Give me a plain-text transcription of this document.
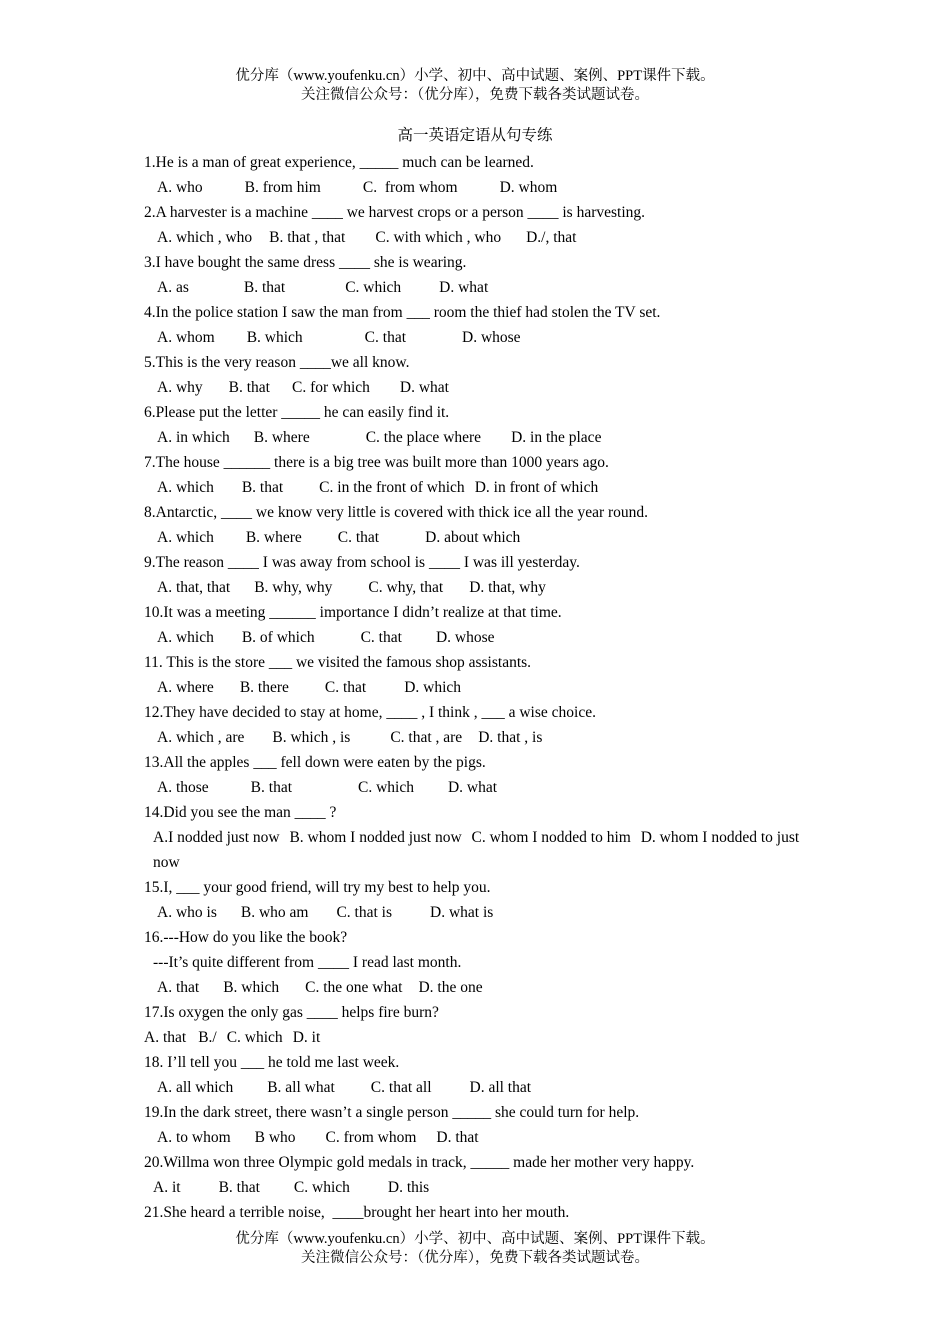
优分库（www.youfenku.cn）小学、初中、高中试题、案例、PPT课件下载。
关注微信公众号：（优分库），免费下载各类试题试卷。
高一英语定语从句专练
1.He is a man of great experience, _____ much can be learned.
A. who	B. from him	C.  from whom	D. whom
2.A harvester is a machine ____ we harvest crops or a person ____ is harvesting.
A. which , who B. that , that C. with which , who D./, that
3.I have bought the same dress ____ she is wearing.
A. as	B. that	C. which D. what
4.In the police station I saw the man from ___ room the thief had stolen the TV set.
A. whom B. which	C. that	D. whose
5.This is the very reason ____we all know.
A. why B. that C. for which D. what
6.Please put the letter _____ he can easily find it.
A. in which B. where	C. the place where D. in the place
7.The house ______ there is a big tree was built more than 1000 years ago.
A. which B. that C. in the front of which D. in front of which
8.Antarctic, ____ we know very little is covered with thick ice all the year round.
A. which B. where C. that	D. about which
9.The reason ____ I was away from school is ____ I was ill yesterday.
A. that, that B. why, why C. why, that D. that, why
10.It was a meeting ______ importance I didn’t realize at that time.
A. which B. of which	C. that D. whose
11. This is the store ___ we visited the famous shop assistants.
A. where B. there C. that D. which
12.They have decided to stay at home, ____ , I think , ___ a wise choice.
A. which , are B. which , is	C. that , are D. that , is
13.All the apples ___ fell down were eaten by the pigs.
A. those	B. that	C. which D. what
14.Did you see the man ____ ?
A.I nodded just now B. whom I nodded just now C. whom I nodded to him D. whom I nodded to just now
15.I, ___ your good friend, will try my best to help you.
A. who is B. who am C. that is D. what is
16.---How do you like the book?
---It’s quite different from ____ I read last month.
A. that B. which C. the one what D. the one
17.Is oxygen the only gas ____ helps fire burn?
A. that B./ C. which D. it
18. I’ll tell you ___ he told me last week.
A. all which B. all what C. that all D. all that
19.In the dark street, there wasn’t a single person _____ she could turn for help.
A. to whom B who C. from whom D. that
20.Willma won three Olympic gold medals in track, _____ made her mother very happy.
A. it B. that C. which D. this
21.She heard a terrible noise,  ____brought her heart into her mouth.
优分库（www.youfenku.cn）小学、初中、高中试题、案例、PPT课件下载。
关注微信公众号：（优分库），免费下载各类试题试卷。
